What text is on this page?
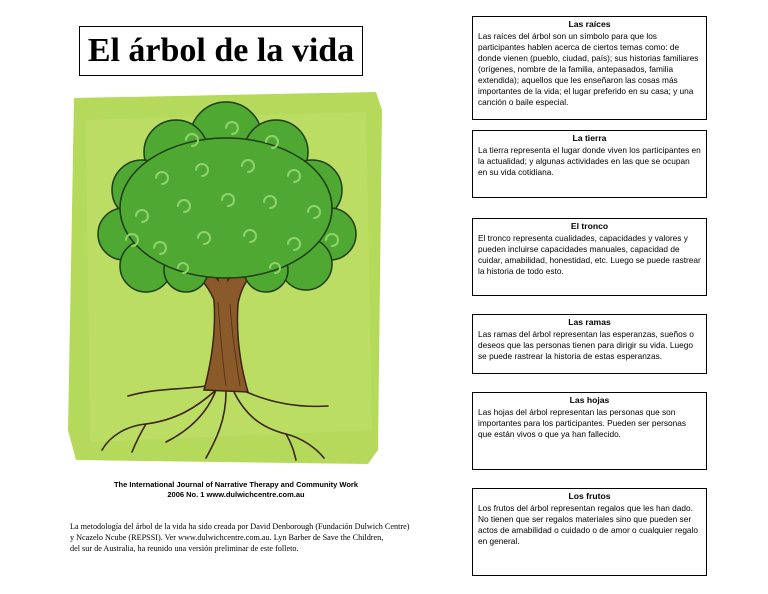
El árbol de la vida
The International Journal of Narrative Therapy and Community Work
2006 No. 1 www.dulwichcentre.com.au
La metodología del árbol de la vida ha sido creada por David Denborough (Fundación Dulwich Centre)
y Ncazelo Ncube (REPSSI). Ver www.dulwichcentre.com.au. Lyn Barber de Save the Children,
del sur de Australia, ha reunido una versión preliminar de este folleto.
Las raíces
Las raíces del árbol son un símbolo para que los participantes hablen acerca de ciertos temas como: de donde vienen (pueblo, ciudad, país); sus historias familiares (orígenes, nombre de la familia, antepasados, familia extendida); aquellos que les enseñaron las cosas más importantes de la vida; el lugar preferido en su casa; y una canción o baile especial.
La tierra
La tierra representa el lugar donde viven los participantes en la actualidad; y algunas actividades en las que se ocupan en su vida cotidiana.
El tronco
El tronco representa cualidades, capacidades y valores y pueden incluirse capacidades manuales, capacidad de cuidar, amabilidad, honestidad, etc. Luego se puede rastrear la historia de todo esto.
Las ramas
Las ramas del árbol representan las esperanzas, sueños o deseos que las personas tienen para dirigir su vida. Luego se puede rastrear la historia de estas esperanzas.
Las hojas
Las hojas del árbol representan las personas que son importantes para los participantes. Pueden ser personas que están vivos o que ya han fallecido.
Los frutos
Los frutos del árbol representan regalos que les han dado. No tienen que ser regalos materiales sino que pueden ser actos de amabilidad o cuidado o de amor o cualquier regalo en general.
